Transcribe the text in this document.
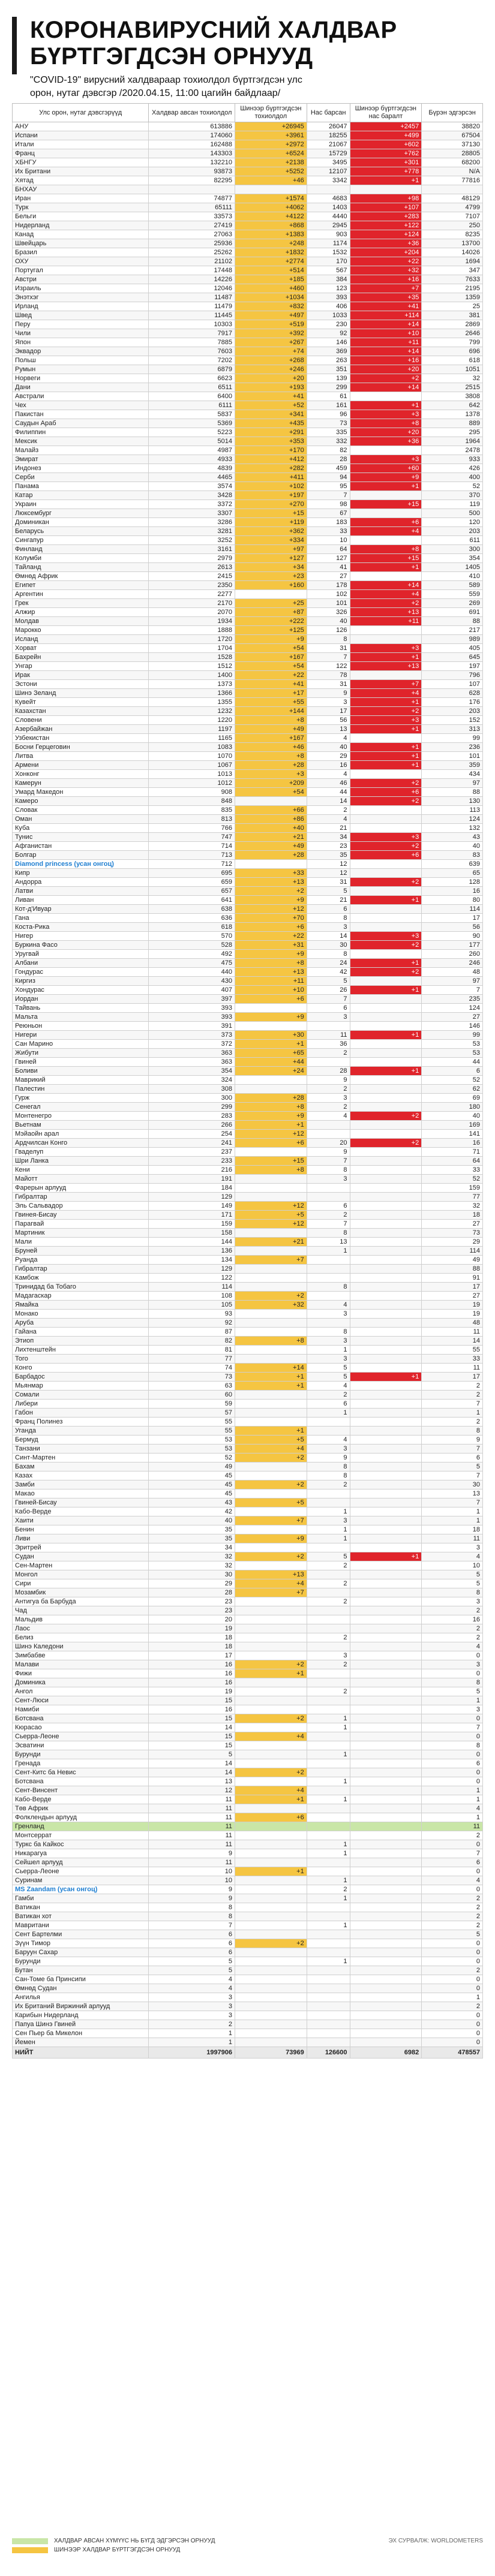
КОРОНАВИРУСНИЙ ХАЛДВАР
БҮРТГЭГДСЭН ОРНУУД
"COVID-19" вирусний халдвараар тохиолдол бүртгэгдсэн улс
орон, нутаг дэвсгэр /2020.04.15, 11:00 цагийн байдлаар/
Улс орон, нутаг дэвсгэрүүд	Халдвар авсан тохиолдол	Шинээр бүртгэгдсэн тохиолдол	Нас барсан	Шинээр бүртгэгдсэн нас баралт	Бүрэн эдгэрсэн
АНУ	613886	+26945	26047	+2457	38820
Испани	174060	+3961	18255	+499	67504
Итали	162488	+2972	21067	+602	37130
Франц	143303	+6524	15729	+762	28805
ХБНГУ	132210	+2138	3495	+301	68200
Их Британи	93873	+5252	12107	+778	N/A
Хятад	82295	+46	3342	+1	77816
БНХАУ					
Иран	74877	+1574	4683	+98	48129
Турк	65111	+4062	1403	+107	4799
Бельги	33573	+4122	4440	+283	7107
Нидерланд	27419	+868	2945	+122	250
Канад	27063	+1383	903	+124	8235
Швейцарь	25936	+248	1174	+36	13700
Бразил	25262	+1832	1532	+204	14026
ОХУ	21102	+2774	170	+22	1694
Португал	17448	+514	567	+32	347
Австри	14226	+185	384	+16	7633
Израиль	12046	+460	123	+7	2195
Энэтхэг	11487	+1034	393	+35	1359
Ирланд	11479	+832	406	+41	25
Швед	11445	+497	1033	+114	381
Перу	10303	+519	230	+14	2869
Чили	7917	+392	92	+10	2646
Япон	7885	+267	146	+11	799
Эквадор	7603	+74	369	+14	696
Польш	7202	+268	263	+16	618
Румын	6879	+246	351	+20	1051
Норвеги	6623	+20	139	+2	32
Дани	6511	+193	299	+14	2515
Австрали	6400	+41	61		3808
Чех	6111	+52	161	+1	642
Пакистан	5837	+341	96	+3	1378
Саудын Араб	5369	+435	73	+8	889
Филиппин	5223	+291	335	+20	295
Мексик	5014	+353	332	+36	1964
Малайз	4987	+170	82		2478
Эмират	4933	+412	28	+3	933
Индонез	4839	+282	459	+60	426
Серби	4465	+411	94	+9	400
Панама	3574	+102	95	+1	52
Катар	3428	+197	7		370
Украин	3372	+270	98	+15	119
Люксембург	3307	+15	67		500
Доминикан	3286	+119	183	+6	120
Беларусь	3281	+362	33	+4	203
Сингапур	3252	+334	10		611
Финланд	3161	+97	64	+8	300
Колумби	2979	+127	127	+15	354
Тайланд	2613	+34	41	+1	1405
Өмнөд Африк	2415	+23	27		410
Египет	2350	+160	178	+14	589
Аргентин	2277		102	+4	559
Грек	2170	+25	101	+2	269
Алжир	2070	+87	326	+13	691
Молдав	1934	+222	40	+11	88
Марокко	1888	+125	126		217
Исланд	1720	+9	8		989
Хорват	1704	+54	31	+3	405
Бахрейн	1528	+167	7	+1	645
Унгар	1512	+54	122	+13	197
Ирак	1400	+22	78		796
Эстони	1373	+41	31	+7	107
Шинэ Зеланд	1366	+17	9	+4	628
Кувейт	1355	+55	3	+1	176
Казахстан	1232	+144	17	+2	203
Словени	1220	+8	56	+3	152
Азербайжан	1197	+49	13	+1	313
Узбекистан	1165	+167	4		99
Босни Герцеговин	1083	+46	40	+1	236
Литва	1070	+8	29	+1	101
Армени	1067	+28	16	+1	359
Хонконг	1013	+3	4		434
Камерун	1012	+209	46	+2	97
Умард Македон	908	+54	44	+6	88
Камеро	848		14	+2	130
Словак	835	+66	2		113
Оман	813	+86	4		124
Куба	766	+40	21		132
Тунис	747	+21	34	+3	43
Афганистан	714	+49	23	+2	40
Болгар	713	+28	35	+6	83
Diamond princess (усан онгоц)	712		12		639
Кипр	695	+33	12		65
Андорра	659	+13	31	+2	128
Латви	657	+2	5		16
Ливан	641	+9	21	+1	80
Кот-д'Ивуар	638	+12	6		114
Гана	636	+70	8		17
Коста-Рика	618	+6	3		56
Нигер	570	+22	14	+3	90
Буркина Фасо	528	+31	30	+2	177
Уругвай	492	+9	8		260
Албани	475	+8	24	+1	246
Гондурас	440	+13	42	+2	48
Киргиз	430	+11	5		97
Хондурас	407	+10	26	+1	7
Иордан	397	+6	7		235
Тайвань	393		6		124
Мальта	393	+9	3		27
Реюньон	391				146
Нигери	373	+30	11	+1	99
Сан Марино	372	+1	36		53
Жибути	363	+65	2		53
Гвиней	363	+44			44
Боливи	354	+24	28	+1	6
Маврикий	324		9		52
Палестин	308		2		62
Гурж	300	+28	3		69
Сенегал	299	+8	2		180
Монтенегро	283	+9	4	+2	40
Вьетнам	266	+1			169
Мэйаойн арал	254	+12			141
Ардчилсан Конго	241	+6	20	+2	16
Гваделуп	237		9		71
Шри Ланка	233	+15	7		64
Кени	216	+8	8		33
Майотт	191		3		52
Фарерын арлууд	184				159
Гибралтар	129				77
Эль Сальвадор	149	+12	6		32
Гвинея-Бисау	171	+5	2		18
Парагвай	159	+12	7		27
Мартиник	158		8		73
Мали	144	+21	13		29
Бруней	136		1		114
Руанда	134	+7			49
Гибралтар	129				88
Камбож	122				91
Тринидад ба Тобаго	114		8		17
Мадагаскар	108	+2			27
Ямайка	105	+32	4		19
Монако	93		3		19
Аруба	92				48
Гайана	87		8		11
Этиоп	82	+8	3		14
Лихтенштейн	81		1		55
Того	77		3		33
Конго	74	+14	5		11
Барбадос	73	+1	5	+1	17
Мьянмар	63	+1	4		2
Сомали	60		2		2
Либери	59		6		7
Габон	57		1		1
Франц Полинез	55				2
Уганда	55	+1			8
Бермуд	53	+5	4		9
Танзани	53	+4	3		7
Синт-Мартен	52	+2	9		6
Бахам	49		8		5
Казах	45		8		7
Замби	45	+2	2		30
Макао	45				13
Гвиней-Бисау	43	+5			7
Кабо-Верде	42		1		1
Хаити	40	+7	3		1
Бенин	35		1		18
Ливи	35	+9	1		11
Эритрей	34				3
Судан	32	+2	5	+1	4
Сен-Мартен	32		2		10
Монгол	30	+13			5
Сири	29	+4	2		5
Мозамбик	28	+7			8
Антигуа ба Барбуда	23		2		3
Чад	23				2
Мальдив	20				16
Лаос	19				2
Белиз	18		2		2
Шинэ Каледони	18				4
Зимбабве	17		3		0
Малави	16	+2	2		3
Фижи	16	+1			0
Доминика	16				8
Ангол	19		2		5
Сент-Люси	15				1
Намиби	16				3
Ботсвана	15	+2	1		0
Кюрасао	14		1		7
Сьерра-Леоне	15	+4			0
Эсватини	15				8
Бурунди	5		1		0
Гренада	14				6
Сент-Китс ба Невис	14	+2			0
Ботсвана	13		1		0
Сент-Винсент	12	+4			1
Кабо-Верде	11	+1	1		1
Төв Африк	11				4
Фолклендын арлууд	11	+6			1
Гренланд	11				11
Монтсеррат	11				2
Туркс ба Кайкос	11		1		0
Никарагуа	9		1		7
Сейшел арлууд	11				6
Сьерра-Леоне	10	+1			0
Суринам	10		1		4
MS Zaandam (усан онгоц)	9		2		0
Гамби	9		1		2
Ватикан	8				2
Ватикан хот	8				2
Мавритани	7		1		2
Сент Бартелми	6				5
Зүүн Тимор	6	+2			0
Баруун Сахар	6				0
Бурунди	5		1		0
Бутан	5				2
Сан-Томе ба Принсипи	4				0
Өмнөд Судан	4				0
Ангилья	3				1
Их Британий Виржиний арлууд	3				2
Карибын Нидерланд	3				0
Папуа Шинэ Гвиней	2				0
Сен Пьер ба Микелон	1				0
Йемен	1				0
НИЙТ	1997906	73969	126600	6982	478557
ХАЛДВАР АВСАН ХҮМҮҮС НЬ БҮГД ЭДГЭРСЭН ОРНУУД
ШИНЭЭР ХАЛДВАР БҮРТГЭГДСЭН ОРНУУД
ЭХ СУРВАЛЖ: WORLDOMETERS
